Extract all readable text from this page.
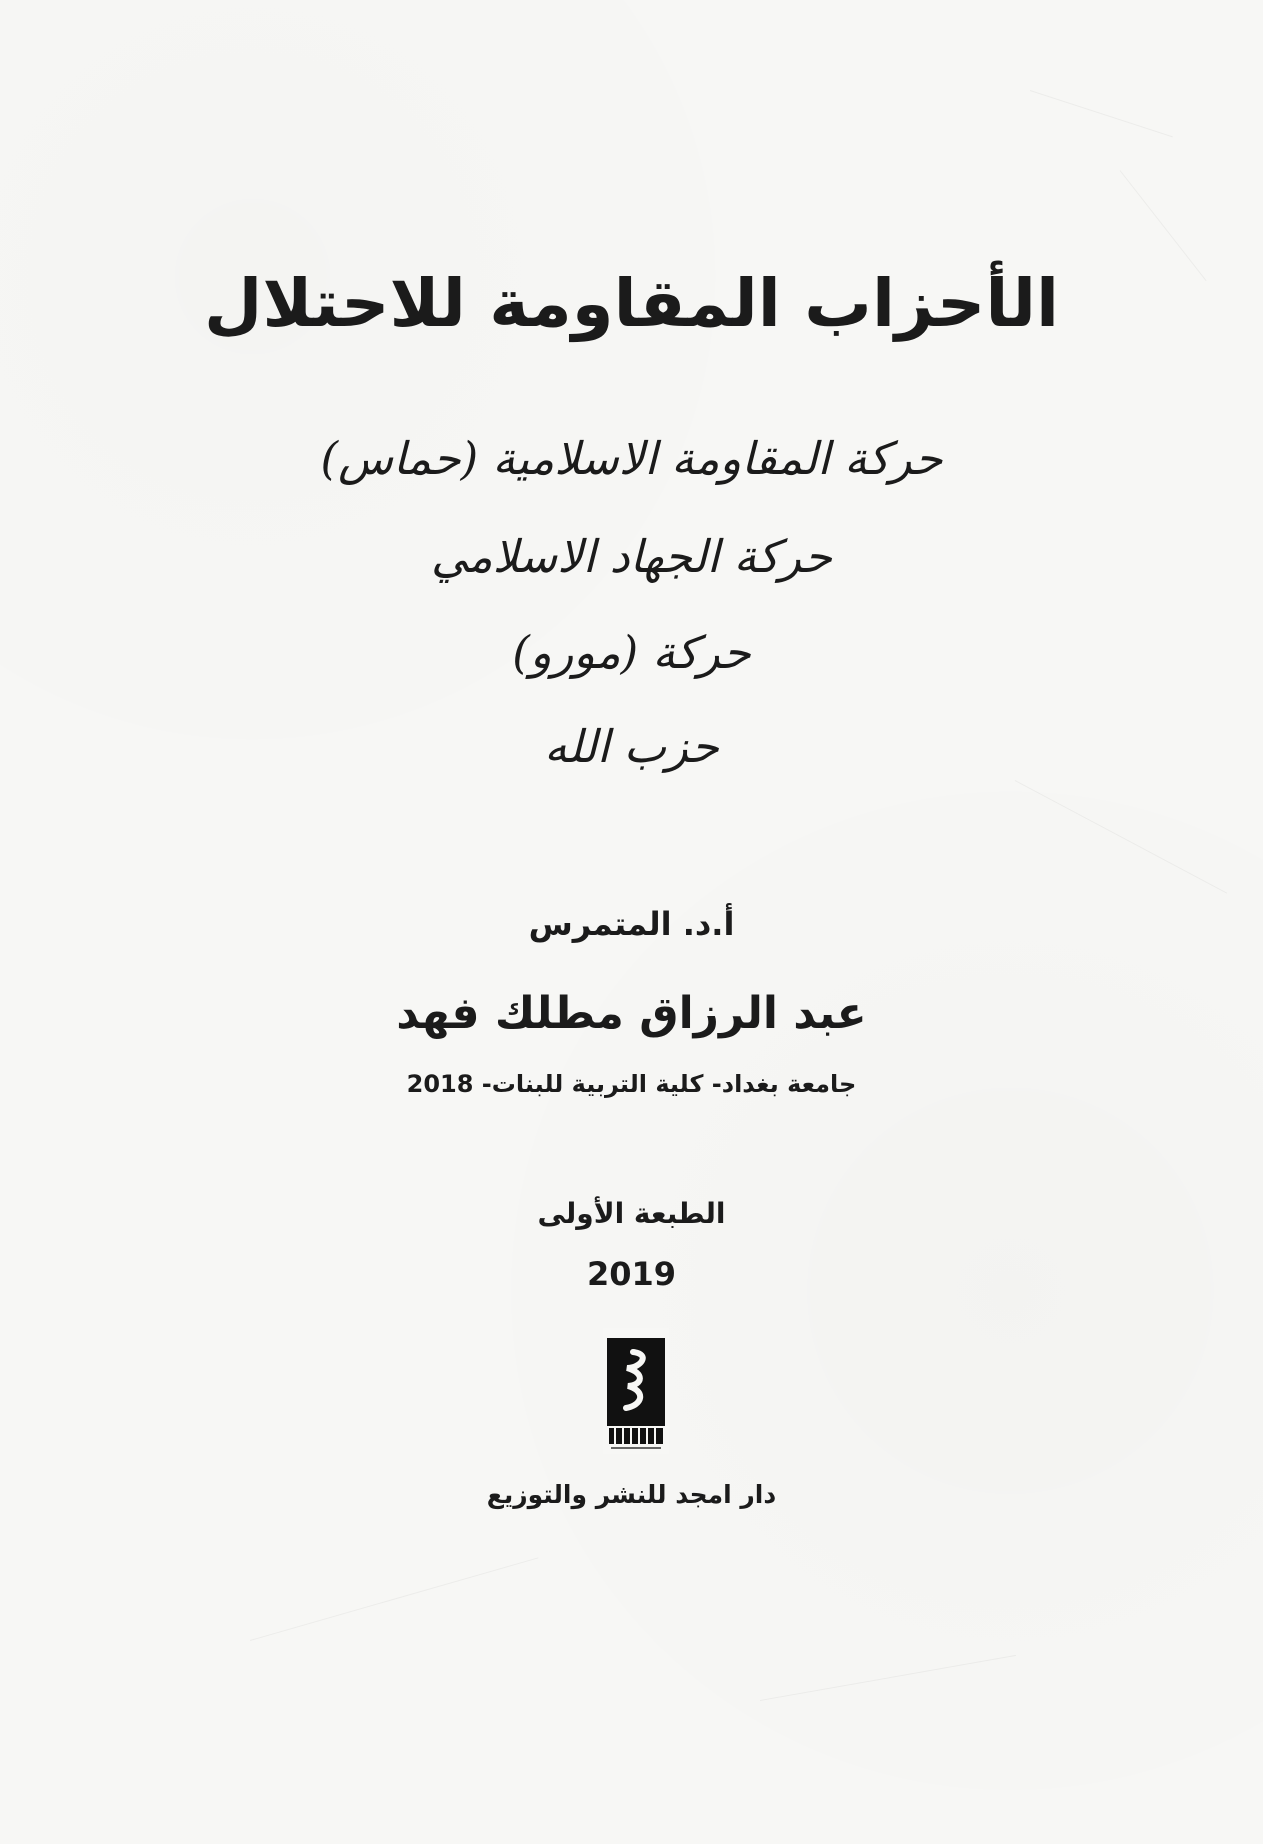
الأحزاب المقاومة للاحتلال
حركة المقاومة الاسلامية (حماس)
حركة الجهاد الاسلامي
حركة (مورو)
حزب الله
أ.د. المتمرس
عبد الرزاق مطلك فهد
جامعة بغداد- كلية التربية للبنات- 2018
الطبعة الأولى
2019
دار امجد للنشر والتوزيع
